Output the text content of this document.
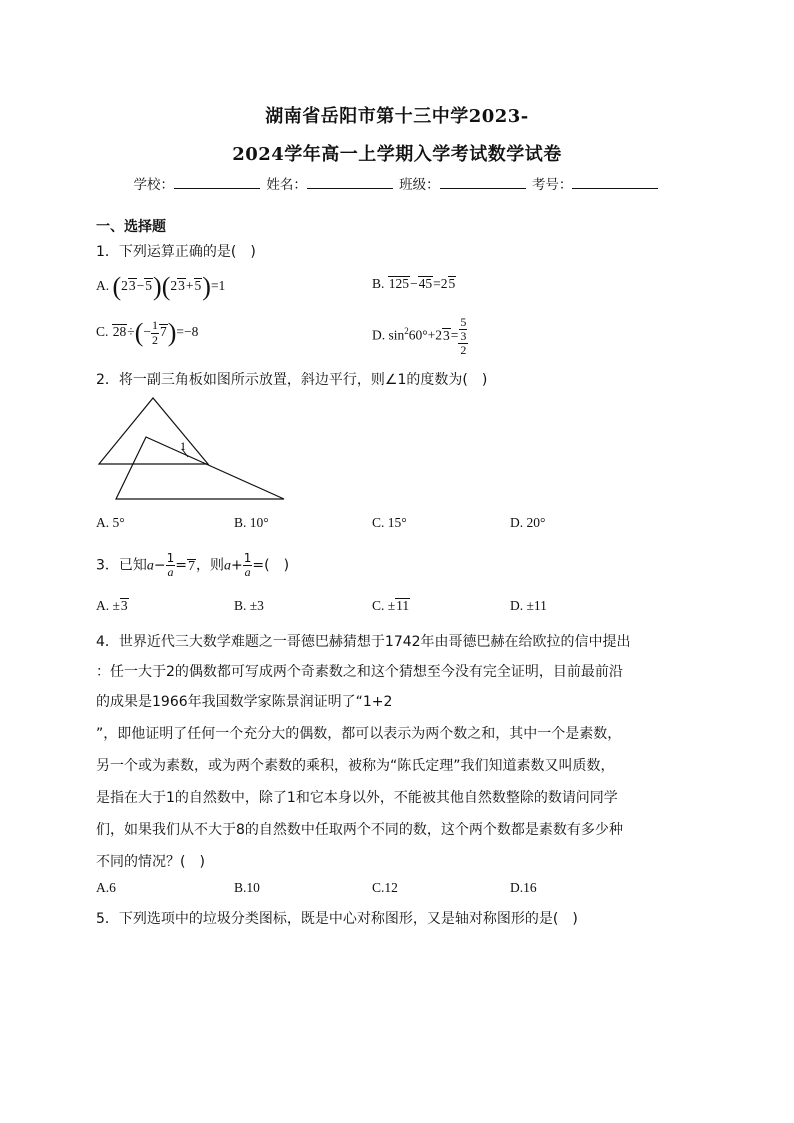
湖南省岳阳市第十三中学2023-
2024学年高一上学期入学考试数学试卷
学校：	姓名：	班级：	考号：
一、选择题
1．下列运算正确的是(　)
A. (23−5)(23+5)=1	B. 125−45=25
C. $28\div(- \frac{1}{2} 7)=-8$	D. $\sin^260^\circ+23= 5$
3
2
2．将一副三角板如图所示放置，斜边平行，则∠1的度数为(　)
1
A. 5°	B. 10°	C. 15°	D. 20°
3．已知$a- \frac{1}{a} =7$，则$a+ \frac{1}{a}$ =(　)
A. ±3	B. ±3	C. ±11	D. ±11
4．世界近代三大数学难题之一哥德巴赫猜想于1742年由哥德巴赫在给欧拉的信中提出
：任一大于2的偶数都可写成两个奇素数之和这个猜想至今没有完全证明，目前最前沿
的成果是1966年我国数学家陈景润证明了“1+2
”，即他证明了任何一个充分大的偶数，都可以表示为两个数之和，其中一个是素数，
另一个或为素数，或为两个素数的乘积，被称为“陈氏定理”我们知道素数又叫质数，
是指在大于1的自然数中，除了1和它本身以外，不能被其他自然数整除的数请问同学
们，如果我们从不大于8的自然数中任取两个不同的数，这个两个数都是素数有多少种
不同的情况？(　)
A.6	B.10	C.12	D.16
5．下列选项中的垃圾分类图标，既是中心对称图形，又是轴对称图形的是(　)
